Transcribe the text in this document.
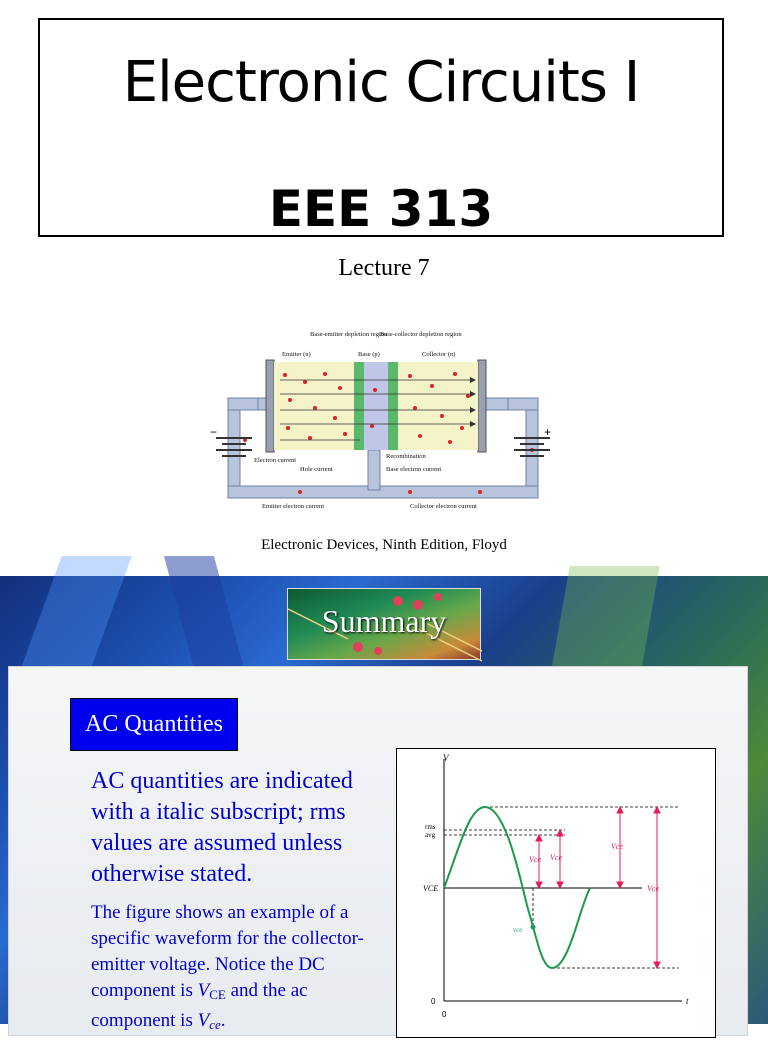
Electronic Circuits I
EEE 313
Lecture 7
−	+
Base-emitter depletion region
Base-collector depletion region
Emitter (n)	Base (p)	Collector (n)
Electron current
Hole current
Recombination
Base electron current
Emitter electron current	Collector electron current
Electronic Devices, Ninth Edition, Floyd
Summary
AC Quantities
AC quantities are indicated with a italic subscript; rms values are assumed unless otherwise stated.
The figure shows an example of a specific waveform for the collector-emitter voltage. Notice the DC component is $V_{CE}$ and the ac component is $V_{ce}$.
V
t
0
0
VCE
rms
avg
vce
Vce Vce
Vce
Vce
